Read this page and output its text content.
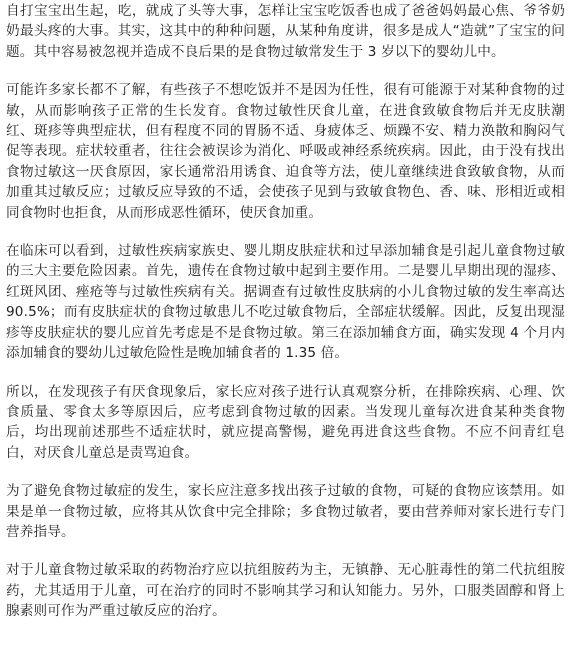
自打宝宝出生起，吃，就成了头等大事，怎样让宝宝吃饭香也成了爸爸妈妈最心焦、爷爷奶奶最头疼的大事。其实，这其中的种种问题，从某种角度讲，很多是成人“造就”了宝宝的问题。其中容易被忽视并造成不良后果的是食物过敏常发生于 3 岁以下的婴幼儿中。

可能许多家长都不了解，有些孩子不想吃饭并不是因为任性，很有可能源于对某种食物的过敏，从而影响孩子正常的生长发育。食物过敏性厌食儿童，在进食致敏食物后并无皮肤潮红、斑疹等典型症状，但有程度不同的胃肠不适、身疲体乏、烦躁不安、精力涣散和胸闷气促等表现。症状较重者，往往会被误诊为消化、呼吸或神经系统疾病。因此，由于没有找出食物过敏这一厌食原因，家长通常沿用诱食、迫食等方法，使儿童继续进食致敏食物，从而加重其过敏反应；过敏反应导致的不适，会使孩子见到与致敏食物色、香、味、形相近或相同食物时也拒食，从而形成恶性循环，使厌食加重。

在临床可以看到，过敏性疾病家族史、婴儿期皮肤症状和过早添加辅食是引起儿童食物过敏的三大主要危险因素。首先，遗传在食物过敏中起到主要作用。二是婴儿早期出现的湿疹、红斑风团、痤疮等与过敏性疾病有关。据调查有过敏性皮肤病的小儿食物过敏的发生率高达 90.5%；而有皮肤症状的食物过敏患儿不吃过敏食物后，全部症状缓解。因此，反复出现湿疹等皮肤症状的婴儿应首先考虑是不是食物过敏。第三在添加辅食方面，确实发现 4 个月内添加辅食的婴幼儿过敏危险性是晚加辅食者的 1.35 倍。

所以，在发现孩子有厌食现象后，家长应对孩子进行认真观察分析，在排除疾病、心理、饮食质量、零食太多等原因后，应考虑到食物过敏的因素。当发现儿童每次进食某种类食物后，均出现前述那些不适症状时，就应提高警惕，避免再进食这些食物。不应不问青红皂白，对厌食儿童总是责骂迫食。

为了避免食物过敏症的发生，家长应注意多找出孩子过敏的食物，可疑的食物应该禁用。如果是单一食物过敏，应将其从饮食中完全排除；多食物过敏者，要由营养师对家长进行专门营养指导。

对于儿童食物过敏采取的药物治疗应以抗组胺药为主，无镇静、无心脏毒性的第二代抗组胺药，尤其适用于儿童，可在治疗的同时不影响其学习和认知能力。另外，口服类固醇和肾上腺素则可作为严重过敏反应的治疗。
